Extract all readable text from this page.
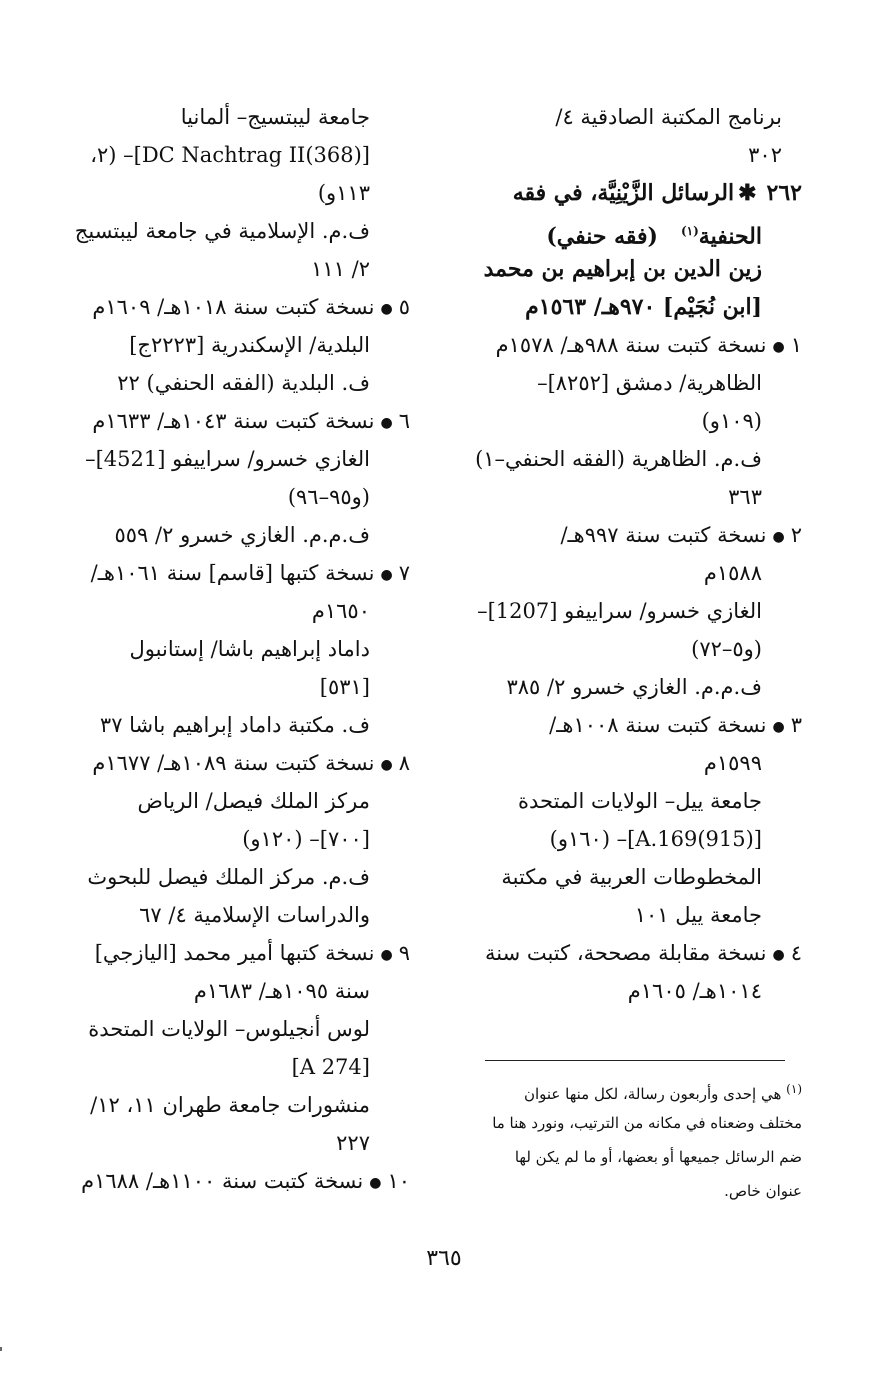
برنامج المكتبة الصادقية ٤/
٣٠٢
٢٦٢✱الرسائل الزَّيْنِيَّة، في فقه
الحنفية$^{(١)}$   (فقه حنفي)
زين الدين بن إبراهيم بن محمد
[ابن نُجَيْم] ٩٧٠هـ/ ١٥٦٣م
١●نسخة كتبت سنة ٩٨٨هـ/ ١٥٧٨م
الظاهرية/ دمشق [٨٢٥٢]–
(١٠٩و)
ف.م. الظاهرية (الفقه الحنفي–١)
٣٦٣
٢●نسخة كتبت سنة ٩٩٧هـ/
١٥٨٨م
الغازي خسرو/ سراييفو [1207]–
(و٥–٧٢)
ف.م.م. الغازي خسرو ٢/ ٣٨٥
٣●نسخة كتبت سنة ١٠٠٨هـ/
١٥٩٩م
جامعة ييل– الولايات المتحدة
[(915)A.169]– (١٦٠و)
المخطوطات العربية في مكتبة
جامعة ييل ١٠١
٤●نسخة مقابلة مصححة، كتبت سنة
١٠١٤هـ/ ١٦٠٥م
جامعة ليبتسيج– ألمانيا
[(368)DC Nachtrag II]– (٢،
١١٣و)
ف.م. الإسلامية في جامعة ليبتسيج
٢/ ١١١
٥●نسخة كتبت سنة ١٠١٨هـ/ ١٦٠٩م
البلدية/ الإسكندرية [٢٢٢٣ج]
ف. البلدية (الفقه الحنفي) ٢٢
٦●نسخة كتبت سنة ١٠٤٣هـ/ ١٦٣٣م
الغازي خسرو/ سراييفو [4521]–
(و٩٥–٩٦)
ف.م.م. الغازي خسرو ٢/ ٥٥٩
٧●نسخة كتبها [قاسم] سنة ١٠٦١هـ/
١٦٥٠م
داماد إبراهيم باشا/ إستانبول
[٥٣١]
ف. مكتبة داماد إبراهيم باشا ٣٧
٨●نسخة كتبت سنة ١٠٨٩هـ/ ١٦٧٧م
مركز الملك فيصل/ الرياض
[٧٠٠]– (١٢٠و)
ف.م. مركز الملك فيصل للبحوث
والدراسات الإسلامية ٤/ ٦٧
٩●نسخة كتبها أمير محمد [اليازجي]
سنة ١٠٩٥هـ/ ١٦٨٣م
لوس أنجيلوس– الولايات المتحدة
[A 274]
منشورات جامعة طهران ١١، ١٢/
٢٢٧
١٠●نسخة كتبت سنة ١١٠٠هـ/ ١٦٨٨م
$^{(١)}$ هي إحدى وأربعون رسالة، لكل منها عنوان
مختلف وضعناه في مكانه من الترتيب، ونورد هنا ما
ضم الرسائل جميعها أو بعضها، أو ما لم يكن لها
عنوان خاص.
٣٦٥
